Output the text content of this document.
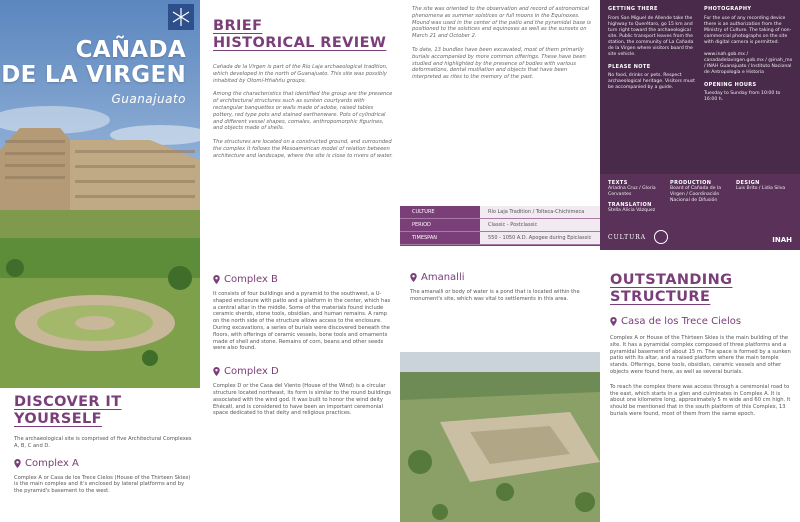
CAÑADA
DE LA VIRGEN
Guanajuato
DISCOVER IT
YOURSELF
The archaeological site is comprised of five Architectural Complexes A, B, C and D.
Complex A
Complex A or Casa de los Trece Cielos (House of the Thirteen Skies) is the main complex and it's enclosed by lateral platforms and by the pyramid's basement to the west.
BRIEF
HISTORICAL REVIEW
Cañada de la Virgen is part of the Río Laja archaeological tradition, which developed in the north of Guanajuato. This site was possibly inhabited by Otomí-Hñahñu groups.
Among the characteristics that identified the group are the presence of architectural structures such as sunken courtyards with rectangular banquettes or walls made of adobe, raised tables pottery, red type pots and stained earthenware. Pots of cylindrical and different vessel shapes, comales, anthropomorphic figurines, and objects made of shells.
The structures are located on a constructed ground, and surrounded the complex it follows the Mesoamerican model of relation between architecture and landscape, where the site is close to rivers of water.
Complex B
It consists of four buildings and a pyramid to the southwest, a U-shaped enclosure with patio and a platform in the center, which has a central altar in the middle. Some of the materials found include ceramic sherds, stone tools, obsidian, and human remains. A ramp on the north side of the structure allows access to the enclosure. During excavations, a series of burials were discovered beneath the floors, with offerings of ceramic vessels, bone tools and ornaments made of shell and stone. Remains of corn, beans and other seeds were also found.
Complex D
Complex D or the Casa del Viento (House of the Wind) is a circular structure located northeast, its form is similar to the round buildings associated with the wind god. It was built to honor the wind deity Ehécatl, and is considered to have been an important ceremonial space dedicated to that deity and religious practices.
The site was oriented to the observation and record of astronomical phenomena as summer solstices or full moons in the Equinoxes. Mound was used in the center of the patio and the pyramidal base is positioned to the solstices and equinoxes as well as the sunsets on March 21 and October 2.
To date, 13 bundles have been excavated, most of them primarily burials accompanied by more common offerings. These have been studied and highlighted by the presence of bodies with various deformations, dental mutilation and objects that have been interpreted as rites to the memory of the past.
CULTURE	Río Laja Tradition / Tolteca-Chichimeca
PERIOD	Classic - Postclassic
TIMESPAN	550 - 1050 A.D. Apogee during Epiclassic
GETTING THERE
From San Miguel de Allende take the highway to Querétaro, go 15 km and turn right toward the archaeological site. Public transport leaves from the station, the community of La Cañada de la Virgen where visitors board the site vehicle.
PLEASE NOTE
No food, drinks or pets. Respect archaeological heritage. Visitors must be accompanied by a guide.
PHOTOGRAPHY
For the use of any recording device there is an authorization from the Ministry of Culture. The taking of non-commercial photographs on the site with digital camera is permitted.
www.inah.gob.mx / canadadelavirgen.gob.mx / @inah_mx / INAH Guanajuato / Instituto Nacional de Antropología e Historia
OPENING HOURS
Tuesday to Sunday from 10:00 to 16:00 h.
TEXTS
Ariadna Cruz / Gloria Cervantes
TRANSLATION
Stella Alicia Vázquez
PRODUCTION
Board of Cañada de la Virgen / Coordinación Nacional de Difusión
DESIGN
Luis Brito / Lidia Silva
CULTURA	INAH
Amanalli
The amanalli or body of water is a pond that is located within the monument's site, which was vital to settlements in this area.
OUTSTANDING
STRUCTURE
Casa de los Trece Cielos
Complex A or House of the Thirteen Skies is the main building of the site. It has a pyramidal complex composed of three platforms and a pyramidal basement of about 15 m. The space is formed by a sunken patio with its altar, and a raised platform where the main temple stands. Offerings, bone tools, obsidian, ceramic vessels and other objects were found here, as well as several burials.
To reach the complex there was access through a ceremonial road to the east, which starts in a glen and culminates in Complex A. It is about one kilometre long, approximately 5 m wide and 60 cm high. It should be mentioned that in the south platform of this Complex, 13 burials were found, most of them from the same epoch.
